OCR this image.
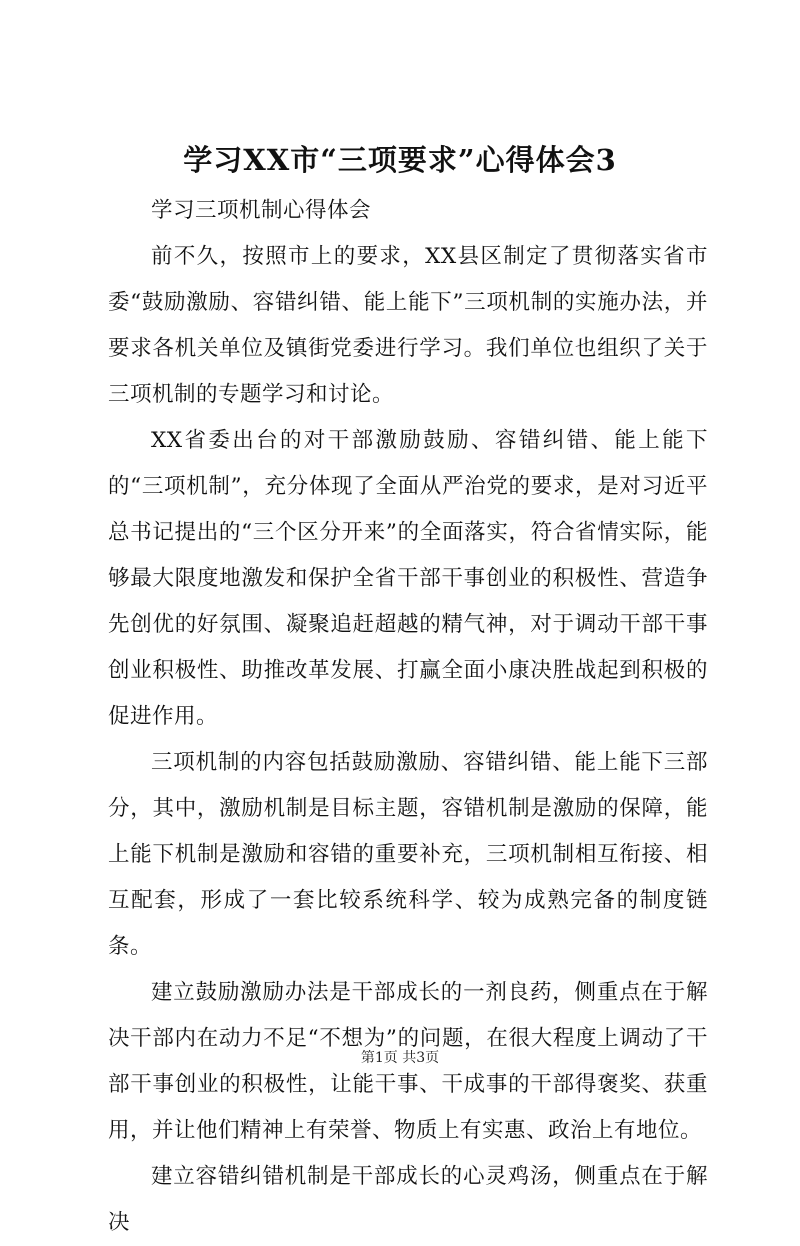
学习XX市“三项要求”心得体会3

学习三项机制心得体会

前不久，按照市上的要求，XX县区制定了贯彻落实省市委“鼓励激励、容错纠错、能上能下”三项机制的实施办法，并要求各机关单位及镇街党委进行学习。我们单位也组织了关于三项机制的专题学习和讨论。

XX省委出台的对干部激励鼓励、容错纠错、能上能下的“三项机制”，充分体现了全面从严治党的要求，是对习近平总书记提出的“三个区分开来”的全面落实，符合省情实际，能够最大限度地激发和保护全省干部干事创业的积极性、营造争先创优的好氛围、凝聚追赶超越的精气神，对于调动干部干事创业积极性、助推改革发展、打赢全面小康决胜战起到积极的促进作用。

三项机制的内容包括鼓励激励、容错纠错、能上能下三部分，其中，激励机制是目标主题，容错机制是激励的保障，能上能下机制是激励和容错的重要补充，三项机制相互衔接、相互配套，形成了一套比较系统科学、较为成熟完备的制度链条。

建立鼓励激励办法是干部成长的一剂良药，侧重点在于解决干部内在动力不足“不想为”的问题，在很大程度上调动了干部干事创业的积极性，让能干事、干成事的干部得褒奖、获重用，并让他们精神上有荣誉、物质上有实惠、政治上有地位。

建立容错纠错机制是干部成长的心灵鸡汤，侧重点在于解决

第1页 共3页
